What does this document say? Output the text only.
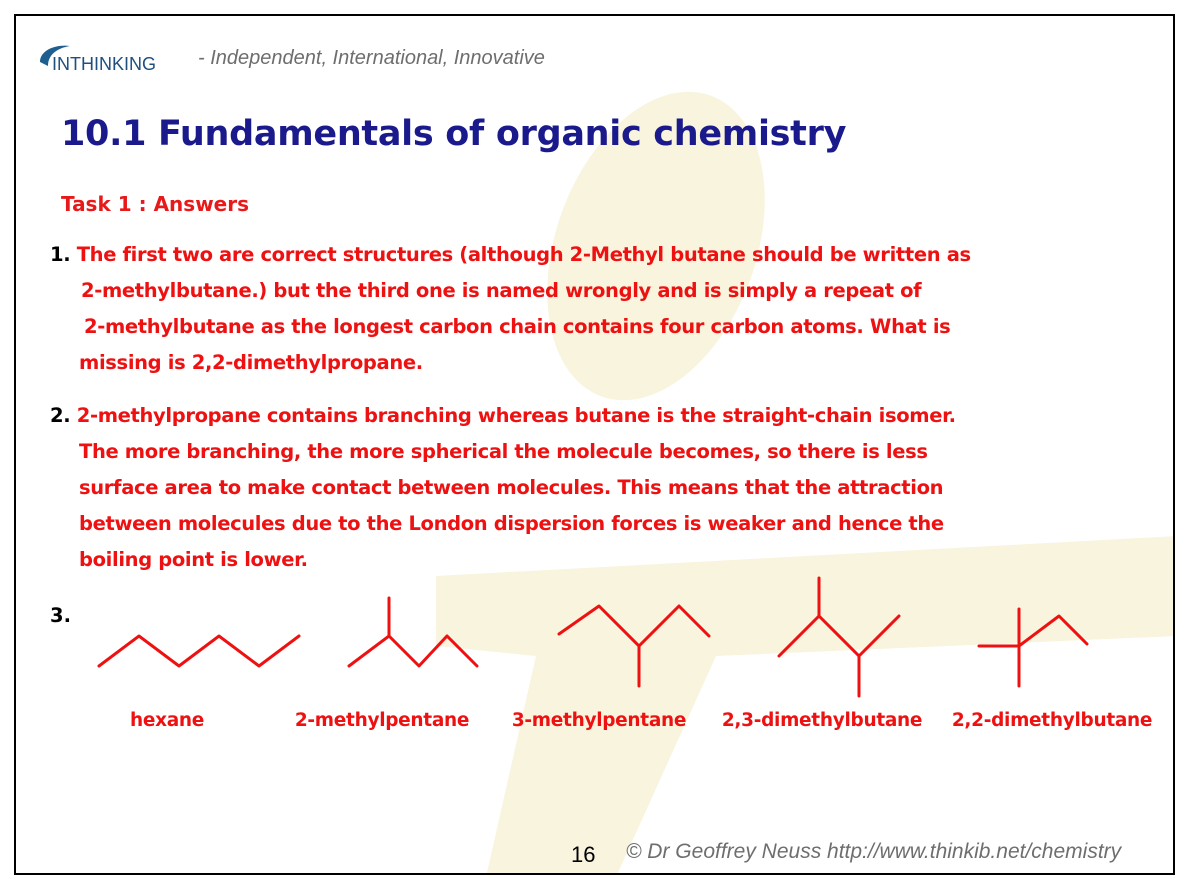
INTHINKING - Independent, International, Innovative
10.1 Fundamentals of organic chemistry
Task 1 : Answers
1. The first two are correct structures (although 2-Methyl butane should be written as
2-methylbutane.) but the third one is named wrongly and is simply a repeat of
2-methylbutane as the longest carbon chain contains four carbon atoms. What is
missing is 2,2-dimethylpropane.
2. 2-methylpropane contains branching whereas butane is the straight-chain isomer.
The more branching, the more spherical the molecule becomes, so there is less
surface area to make contact between molecules. This means that the attraction
between molecules due to the London dispersion forces is weaker and hence the
boiling point is lower.
3.
hexane	2-methylpentane 3-methylpentane 2,3-dimethylbutane 2,2-dimethylbutane
16 © Dr Geoffrey Neuss http://www.thinkib.net/chemistry
